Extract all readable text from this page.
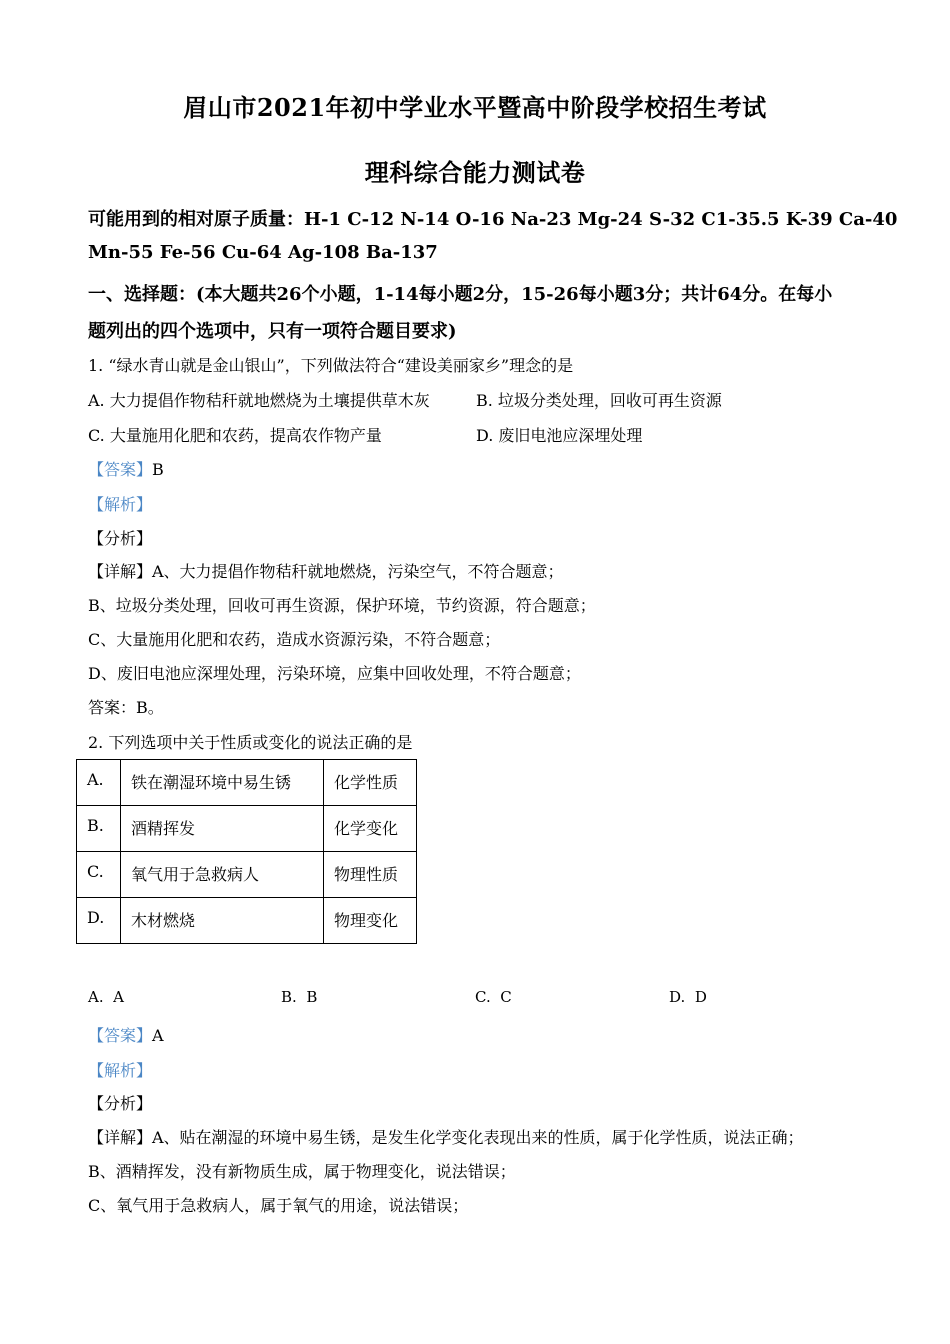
眉山市2021年初中学业水平暨高中阶段学校招生考试
理科综合能力测试卷
可能用到的相对原子质量：H-1 C-12 N-14 O-16 Na-23 Mg-24 S-32 C1-35.5 K-39 Ca-40
Mn-55 Fe-56 Cu-64 Ag-108 Ba-137
一、选择题：(本大题共26个小题，1-14每小题2分，15-26每小题3分；共计64分。在每小
题列出的四个选项中，只有一项符合题目要求)
1. “绿水青山就是金山银山”，下列做法符合“建设美丽家乡”理念的是
A. 大力提倡作物秸秆就地燃烧为土壤提供草木灰	B. 垃圾分类处理，回收可再生资源
C. 大量施用化肥和农药，提高农作物产量	D. 废旧电池应深埋处理
【答案】B
【解析】
【分析】
【详解】A、大力提倡作物秸秆就地燃烧，污染空气，不符合题意；
B、垃圾分类处理，回收可再生资源，保护环境，节约资源，符合题意；
C、大量施用化肥和农药，造成水资源污染，不符合题意；
D、废旧电池应深埋处理，污染环境，应集中回收处理，不符合题意；
答案：B。
2. 下列选项中关于性质或变化的说法正确的是
A.	铁在潮湿环境中易生锈	化学性质
B.	酒精挥发	化学变化
C.	氧气用于急救病人	物理性质
D.	木材燃烧	物理变化
A. A	B. B	C. C	D. D
【答案】A
【解析】
【分析】
【详解】A、贴在潮湿的环境中易生锈，是发生化学变化表现出来的性质，属于化学性质，说法正确；
B、酒精挥发，没有新物质生成，属于物理变化，说法错误；
C、氧气用于急救病人，属于氧气的用途，说法错误；
